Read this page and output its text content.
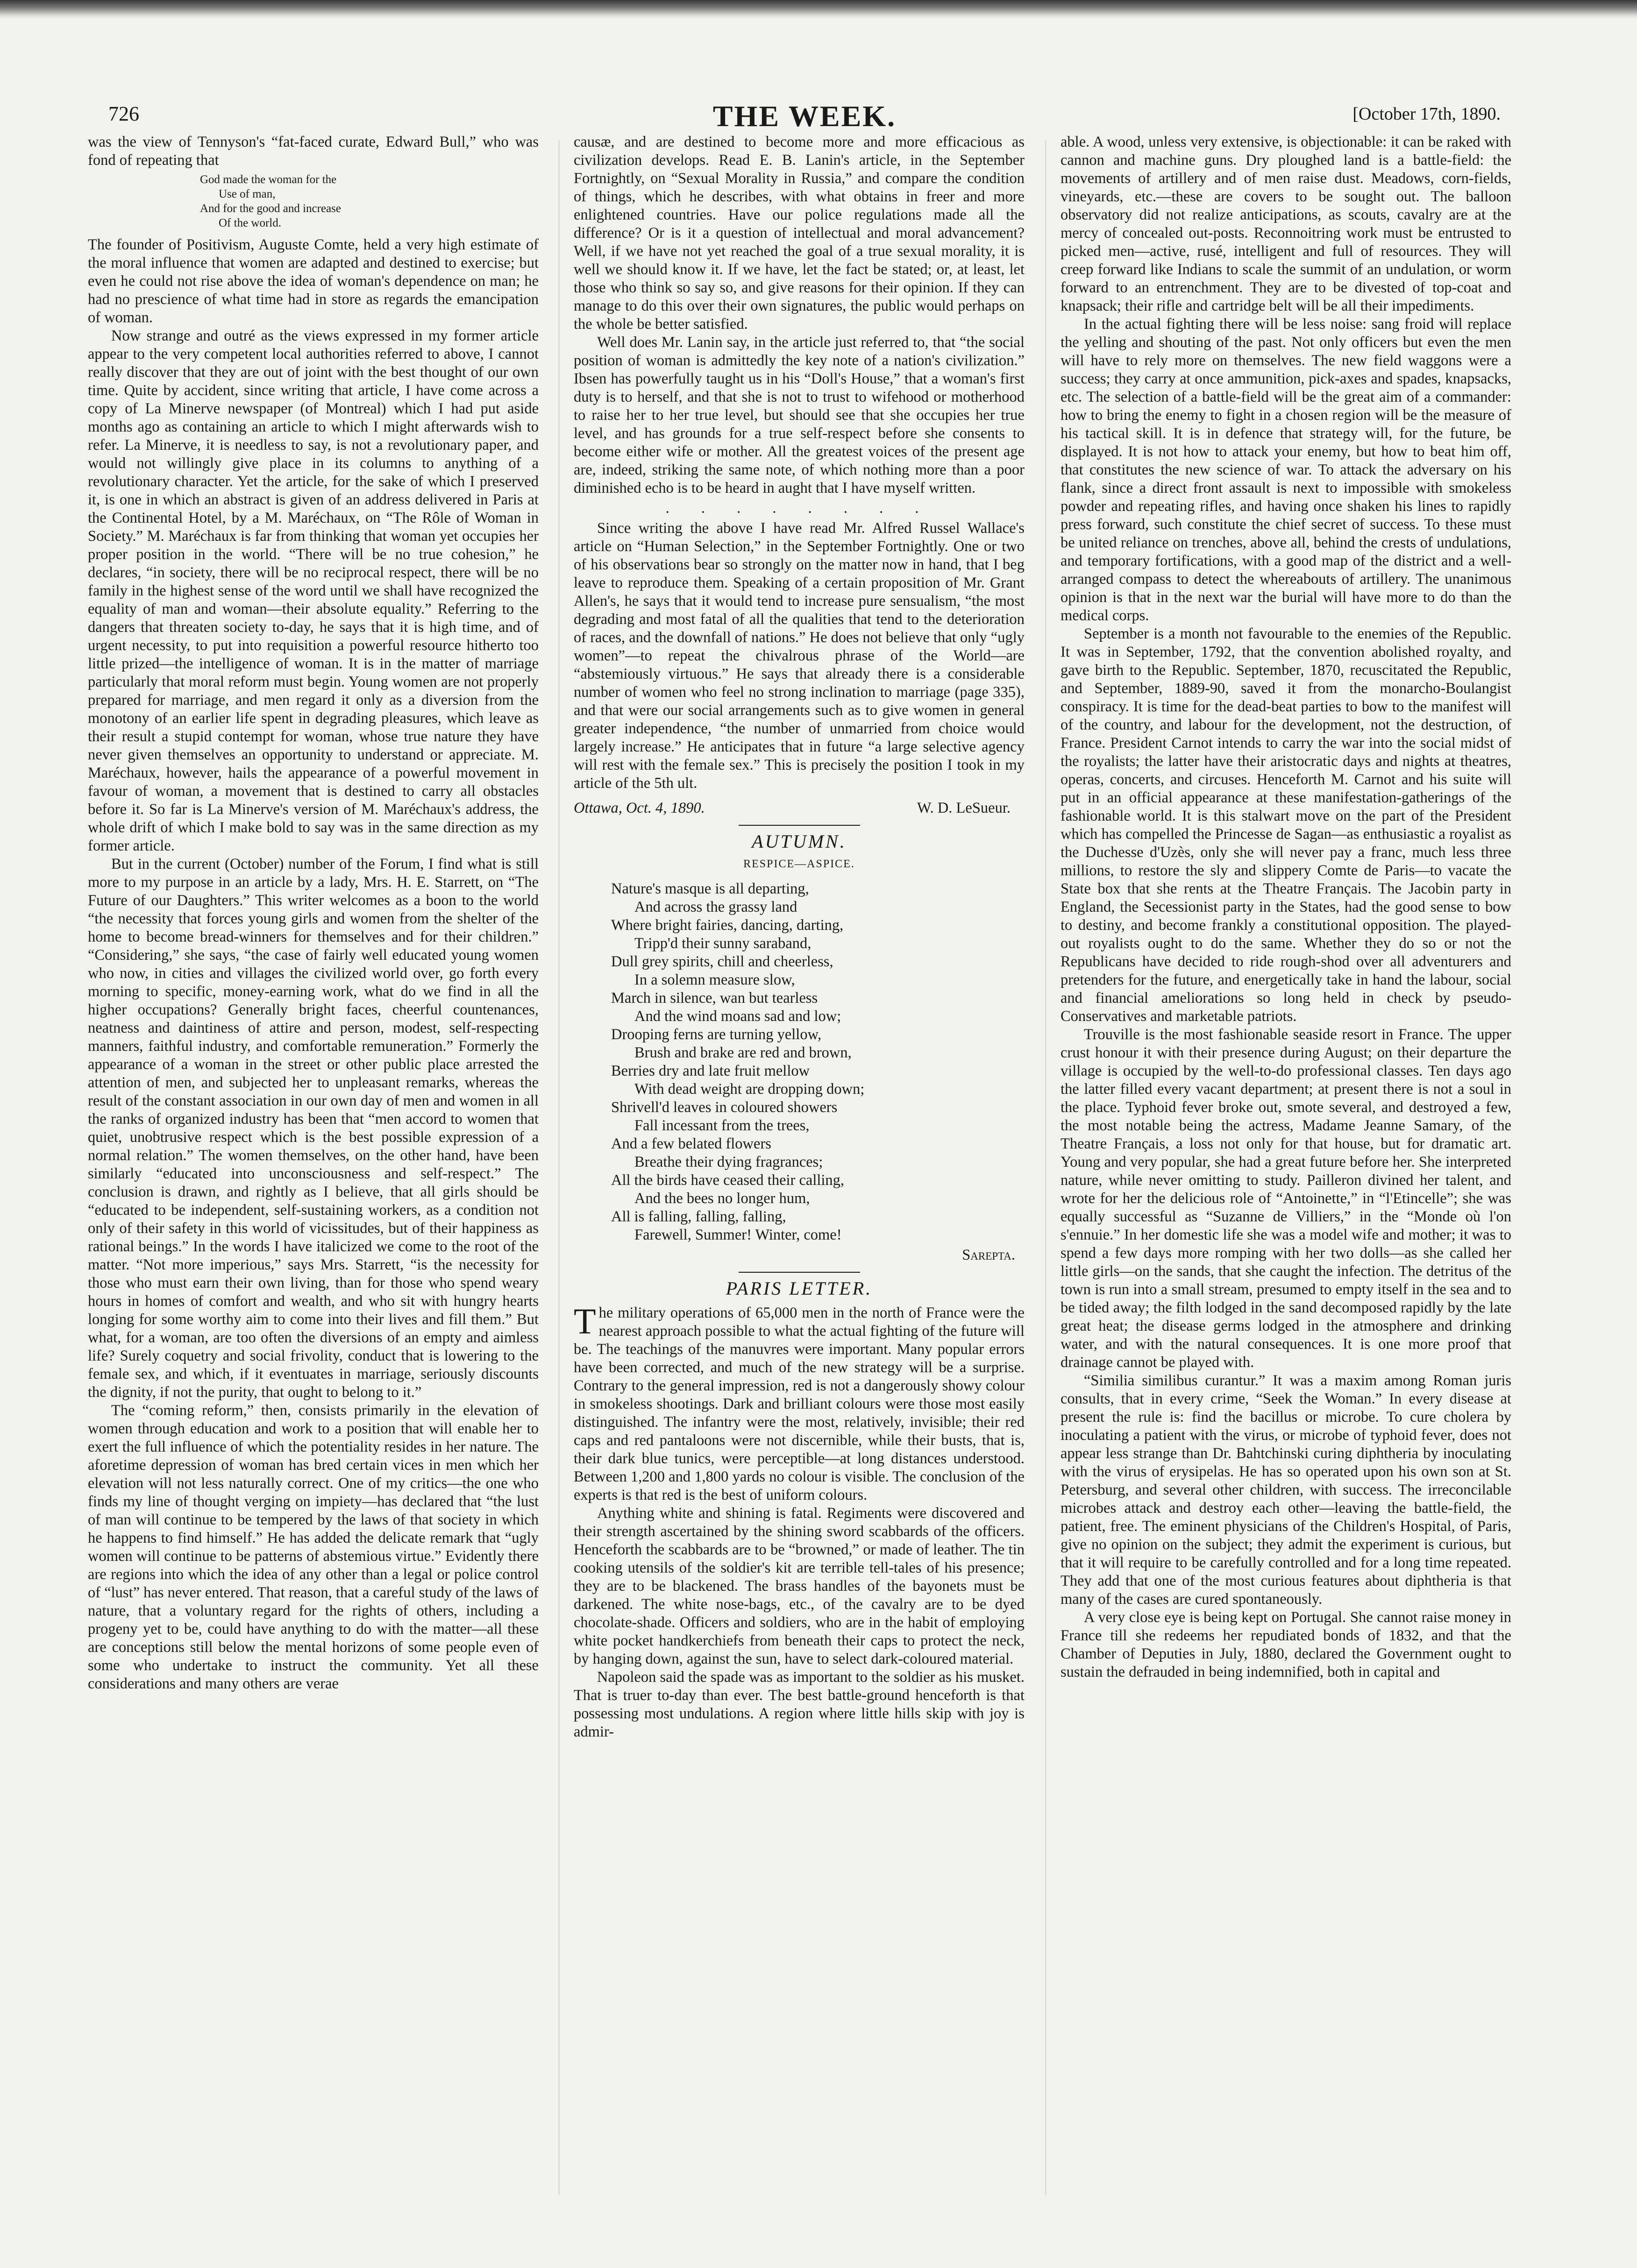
726	THE WEEK.	[October 17th, 1890.

was the view of Tennyson's “fat-faced curate, Edward Bull,” who was fond of repeating that

God made the woman for the
Use of man,
And for the good and increase
Of the world.

The founder of Positivism, Auguste Comte, held a very high estimate of the moral influence that women are adapted and destined to exercise; but even he could not rise above the idea of woman's dependence on man; he had no prescience of what time had in store as regards the emancipation of woman.

Now strange and outré as the views expressed in my former article appear to the very competent local authorities referred to above, I cannot really discover that they are out of joint with the best thought of our own time. Quite by accident, since writing that article, I have come across a copy of La Minerve newspaper (of Montreal) which I had put aside months ago as containing an article to which I might afterwards wish to refer. La Minerve, it is needless to say, is not a revolutionary paper, and would not willingly give place in its columns to anything of a revolutionary character. Yet the article, for the sake of which I preserved it, is one in which an abstract is given of an address delivered in Paris at the Continental Hotel, by a M. Maréchaux, on “The Rôle of Woman in Society.” M. Maréchaux is far from thinking that woman yet occupies her proper position in the world. “There will be no true cohesion,” he declares, “in society, there will be no reciprocal respect, there will be no family in the highest sense of the word until we shall have recognized the equality of man and woman—their absolute equality.” Referring to the dangers that threaten society to-day, he says that it is high time, and of urgent necessity, to put into requisition a powerful resource hitherto too little prized—the intelligence of woman. It is in the matter of marriage particularly that moral reform must begin. Young women are not properly prepared for marriage, and men regard it only as a diversion from the monotony of an earlier life spent in degrading pleasures, which leave as their result a stupid contempt for woman, whose true nature they have never given themselves an opportunity to understand or appreciate. M. Maréchaux, however, hails the appearance of a powerful movement in favour of woman, a movement that is destined to carry all obstacles before it. So far is La Minerve's version of M. Maréchaux's address, the whole drift of which I make bold to say was in the same direction as my former article.

But in the current (October) number of the Forum, I find what is still more to my purpose in an article by a lady, Mrs. H. E. Starrett, on “The Future of our Daughters.” This writer welcomes as a boon to the world “the necessity that forces young girls and women from the shelter of the home to become bread-winners for themselves and for their children.” “Considering,” she says, “the case of fairly well educated young women who now, in cities and villages the civilized world over, go forth every morning to specific, money-earning work, what do we find in all the higher occupations? Generally bright faces, cheerful countenances, neatness and daintiness of attire and person, modest, self-respecting manners, faithful industry, and comfortable remuneration.” Formerly the appearance of a woman in the street or other public place arrested the attention of men, and subjected her to unpleasant remarks, whereas the result of the constant association in our own day of men and women in all the ranks of organized industry has been that “men accord to women that quiet, unobtrusive respect which is the best possible expression of a normal relation.” The women themselves, on the other hand, have been similarly “educated into unconsciousness and self-respect.” The conclusion is drawn, and rightly as I believe, that all girls should be “educated to be independent, self-sustaining workers, as a condition not only of their safety in this world of vicissitudes, but of their happiness as rational beings.” In the words I have italicized we come to the root of the matter. “Not more imperious,” says Mrs. Starrett, “is the necessity for those who must earn their own living, than for those who spend weary hours in homes of comfort and wealth, and who sit with hungry hearts longing for some worthy aim to come into their lives and fill them.” But what, for a woman, are too often the diversions of an empty and aimless life? Surely coquetry and social frivolity, conduct that is lowering to the female sex, and which, if it eventuates in marriage, seriously discounts the dignity, if not the purity, that ought to belong to it.”

The “coming reform,” then, consists primarily in the elevation of women through education and work to a position that will enable her to exert the full influence of which the potentiality resides in her nature. The aforetime depression of woman has bred certain vices in men which her elevation will not less naturally correct. One of my critics—the one who finds my line of thought verging on impiety—has declared that “the lust of man will continue to be tempered by the laws of that society in which he happens to find himself.” He has added the delicate remark that “ugly women will continue to be patterns of abstemious virtue.” Evidently there are regions into which the idea of any other than a legal or police control of “lust” has never entered. That reason, that a careful study of the laws of nature, that a voluntary regard for the rights of others, including a progeny yet to be, could have anything to do with the matter—all these are conceptions still below the mental horizons of some people even of some who undertake to instruct the community. Yet all these considerations and many others are verae

causæ, and are destined to become more and more efficacious as civilization develops. Read E. B. Lanin's article, in the September Fortnightly, on “Sexual Morality in Russia,” and compare the condition of things, which he describes, with what obtains in freer and more enlightened countries. Have our police regulations made all the difference? Or is it a question of intellectual and moral advancement? Well, if we have not yet reached the goal of a true sexual morality, it is well we should know it. If we have, let the fact be stated; or, at least, let those who think so say so, and give reasons for their opinion. If they can manage to do this over their own signatures, the public would perhaps on the whole be better satisfied.

Well does Mr. Lanin say, in the article just referred to, that “the social position of woman is admittedly the key note of a nation's civilization.” Ibsen has powerfully taught us in his “Doll's House,” that a woman's first duty is to herself, and that she is not to trust to wifehood or motherhood to raise her to her true level, but should see that she occupies her true level, and has grounds for a true self-respect before she consents to become either wife or mother. All the greatest voices of the present age are, indeed, striking the same note, of which nothing more than a poor diminished echo is to be heard in aught that I have myself written.

. . . . . . . .

Since writing the above I have read Mr. Alfred Russel Wallace's article on “Human Selection,” in the September Fortnightly. One or two of his observations bear so strongly on the matter now in hand, that I beg leave to reproduce them. Speaking of a certain proposition of Mr. Grant Allen's, he says that it would tend to increase pure sensualism, “the most degrading and most fatal of all the qualities that tend to the deterioration of races, and the downfall of nations.” He does not believe that only “ugly women”—to repeat the chivalrous phrase of the World—are “abstemiously virtuous.” He says that already there is a considerable number of women who feel no strong inclination to marriage (page 335), and that were our social arrangements such as to give women in general greater independence, “the number of unmarried from choice would largely increase.” He anticipates that in future “a large selective agency will rest with the female sex.” This is precisely the position I took in my article of the 5th ult.

Ottawa, Oct. 4, 1890.	W. D. LeSueur.
AUTUMN.
RESPICE—ASPICE.
Nature's masque is all departing,
And across the grassy land
Where bright fairies, dancing, darting,
Tripp'd their sunny saraband,
Dull grey spirits, chill and cheerless,
In a solemn measure slow,
March in silence, wan but tearless
And the wind moans sad and low;
Drooping ferns are turning yellow,
Brush and brake are red and brown,
Berries dry and late fruit mellow
With dead weight are dropping down;
Shrivell'd leaves in coloured showers
Fall incessant from the trees,
And a few belated flowers
Breathe their dying fragrances;
All the birds have ceased their calling,
And the bees no longer hum,
All is falling, falling, falling,
Farewell, Summer! Winter, come!
Sarepta.
PARIS LETTER.

The military operations of 65,000 men in the north of France were the nearest approach possible to what the actual fighting of the future will be. The teachings of the manuvres were important. Many popular errors have been corrected, and much of the new strategy will be a surprise. Contrary to the general impression, red is not a dangerously showy colour in smokeless shootings. Dark and brilliant colours were those most easily distinguished. The infantry were the most, relatively, invisible; their red caps and red pantaloons were not discernible, while their busts, that is, their dark blue tunics, were perceptible—at long distances understood. Between 1,200 and 1,800 yards no colour is visible. The conclusion of the experts is that red is the best of uniform colours.

Anything white and shining is fatal. Regiments were discovered and their strength ascertained by the shining sword scabbards of the officers. Henceforth the scabbards are to be “browned,” or made of leather. The tin cooking utensils of the soldier's kit are terrible tell-tales of his presence; they are to be blackened. The brass handles of the bayonets must be darkened. The white nose-bags, etc., of the cavalry are to be dyed chocolate-shade. Officers and soldiers, who are in the habit of employing white pocket handkerchiefs from beneath their caps to protect the neck, by hanging down, against the sun, have to select dark-coloured material.

Napoleon said the spade was as important to the soldier as his musket. That is truer to-day than ever. The best battle-ground henceforth is that possessing most undulations. A region where little hills skip with joy is admir-

able. A wood, unless very extensive, is objectionable: it can be raked with cannon and machine guns. Dry ploughed land is a battle-field: the movements of artillery and of men raise dust. Meadows, corn-fields, vineyards, etc.—these are covers to be sought out. The balloon observatory did not realize anticipations, as scouts, cavalry are at the mercy of concealed out-posts. Reconnoitring work must be entrusted to picked men—active, rusé, intelligent and full of resources. They will creep forward like Indians to scale the summit of an undulation, or worm forward to an entrenchment. They are to be divested of top-coat and knapsack; their rifle and cartridge belt will be all their impediments.

In the actual fighting there will be less noise: sang froid will replace the yelling and shouting of the past. Not only officers but even the men will have to rely more on themselves. The new field waggons were a success; they carry at once ammunition, pick-axes and spades, knapsacks, etc. The selection of a battle-field will be the great aim of a commander: how to bring the enemy to fight in a chosen region will be the measure of his tactical skill. It is in defence that strategy will, for the future, be displayed. It is not how to attack your enemy, but how to beat him off, that constitutes the new science of war. To attack the adversary on his flank, since a direct front assault is next to impossible with smokeless powder and repeating rifles, and having once shaken his lines to rapidly press forward, such constitute the chief secret of success. To these must be united reliance on trenches, above all, behind the crests of undulations, and temporary fortifications, with a good map of the district and a well-arranged compass to detect the whereabouts of artillery. The unanimous opinion is that in the next war the burial will have more to do than the medical corps.

September is a month not favourable to the enemies of the Republic. It was in September, 1792, that the convention abolished royalty, and gave birth to the Republic. September, 1870, recuscitated the Republic, and September, 1889-90, saved it from the monarcho-Boulangist conspiracy. It is time for the dead-beat parties to bow to the manifest will of the country, and labour for the development, not the destruction, of France. President Carnot intends to carry the war into the social midst of the royalists; the latter have their aristocratic days and nights at theatres, operas, concerts, and circuses. Henceforth M. Carnot and his suite will put in an official appearance at these manifestation-gatherings of the fashionable world. It is this stalwart move on the part of the President which has compelled the Princesse de Sagan—as enthusiastic a royalist as the Duchesse d'Uzès, only she will never pay a franc, much less three millions, to restore the sly and slippery Comte de Paris—to vacate the State box that she rents at the Theatre Français. The Jacobin party in England, the Secessionist party in the States, had the good sense to bow to destiny, and become frankly a constitutional opposition. The played-out royalists ought to do the same. Whether they do so or not the Republicans have decided to ride rough-shod over all adventurers and pretenders for the future, and energetically take in hand the labour, social and financial ameliorations so long held in check by pseudo-Conservatives and marketable patriots.

Trouville is the most fashionable seaside resort in France. The upper crust honour it with their presence during August; on their departure the village is occupied by the well-to-do professional classes. Ten days ago the latter filled every vacant department; at present there is not a soul in the place. Typhoid fever broke out, smote several, and destroyed a few, the most notable being the actress, Madame Jeanne Samary, of the Theatre Français, a loss not only for that house, but for dramatic art. Young and very popular, she had a great future before her. She interpreted nature, while never omitting to study. Pailleron divined her talent, and wrote for her the delicious role of “Antoinette,” in “l'Etincelle”; she was equally successful as “Suzanne de Villiers,” in the “Monde où l'on s'ennuie.” In her domestic life she was a model wife and mother; it was to spend a few days more romping with her two dolls—as she called her little girls—on the sands, that she caught the infection. The detritus of the town is run into a small stream, presumed to empty itself in the sea and to be tided away; the filth lodged in the sand decomposed rapidly by the late great heat; the disease germs lodged in the atmosphere and drinking water, and with the natural consequences. It is one more proof that drainage cannot be played with.

“Similia similibus curantur.” It was a maxim among Roman juris consults, that in every crime, “Seek the Woman.” In every disease at present the rule is: find the bacillus or microbe. To cure cholera by inoculating a patient with the virus, or microbe of typhoid fever, does not appear less strange than Dr. Bahtchinski curing diphtheria by inoculating with the virus of erysipelas. He has so operated upon his own son at St. Petersburg, and several other children, with success. The irreconcilable microbes attack and destroy each other—leaving the battle-field, the patient, free. The eminent physicians of the Children's Hospital, of Paris, give no opinion on the subject; they admit the experiment is curious, but that it will require to be carefully controlled and for a long time repeated. They add that one of the most curious features about diphtheria is that many of the cases are cured spontaneously.

A very close eye is being kept on Portugal. She cannot raise money in France till she redeems her repudiated bonds of 1832, and that the Chamber of Deputies in July, 1880, declared the Government ought to sustain the defrauded in being indemnified, both in capital and
